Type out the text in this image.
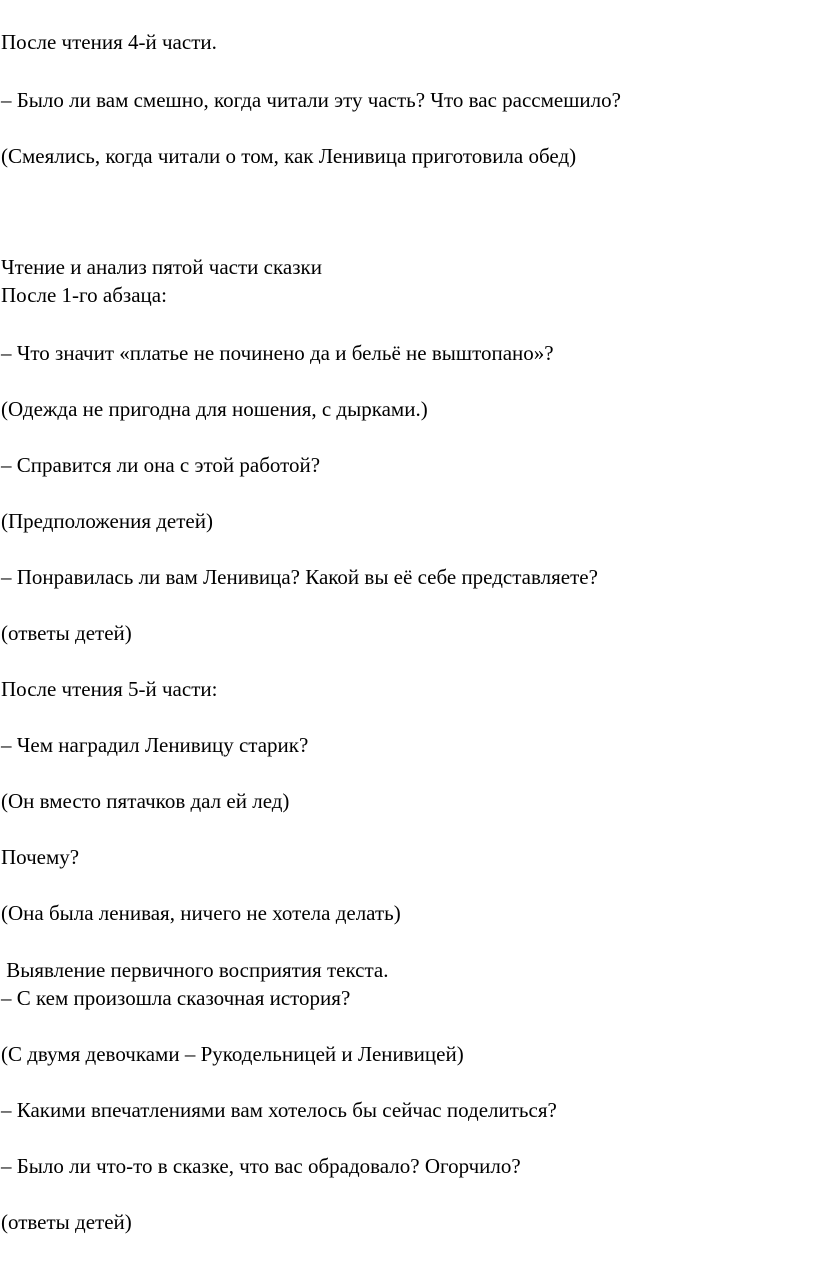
После чтения 4-й части.
– Было ли вам смешно, когда читали эту часть? Что вас рассмешило?
(Смеялись, когда читали о том, как Ленивица приготовила обед)
Чтение и анализ пятой части сказки
После 1-го абзаца:
– Что значит «платье не починено да и бельё не выштопано»?
(Одежда не пригодна для ношения, с дырками.)
– Справится ли она с этой работой?
(Предположения детей)
– Понравилась ли вам Ленивица? Какой вы её себе представляете?
(ответы детей)
После чтения 5-й части:
– Чем наградил Ленивицу старик?
(Он вместо пятачков дал ей лед)
Почему?
(Она была ленивая, ничего не хотела делать)
Выявление первичного восприятия текста.
– С кем произошла сказочная история?
(С двумя девочками – Рукодельницей и Ленивицей)
– Какими впечатлениями вам хотелось бы сейчас поделиться?
– Было ли что-то в сказке, что вас обрадовало? Огорчило?
(ответы детей)
